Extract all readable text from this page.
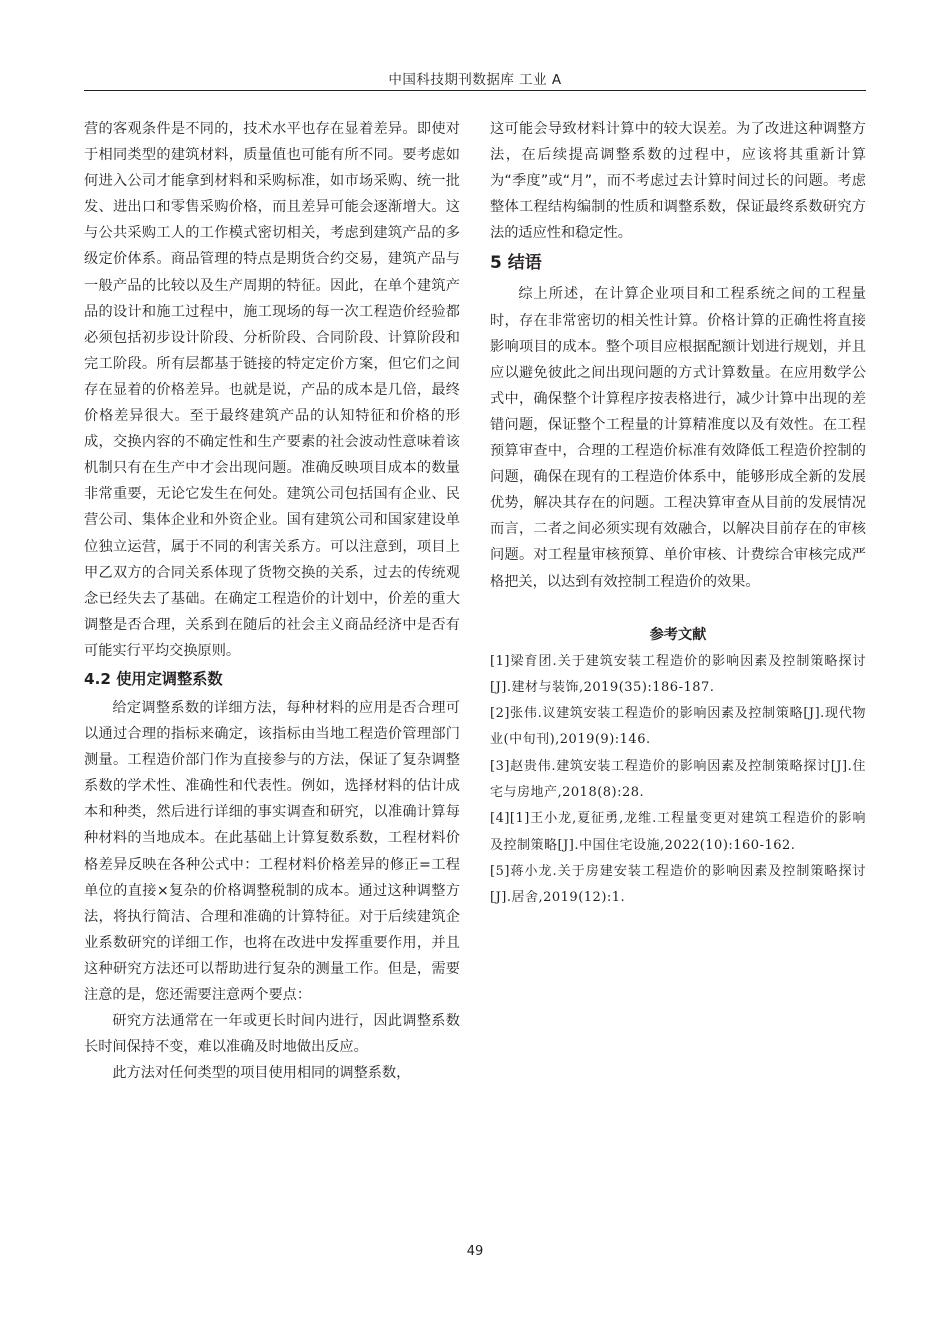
中国科技期刊数据库 工业 A

营的客观条件是不同的，技术水平也存在显着差异。即使对于相同类型的建筑材料，质量值也可能有所不同。要考虑如何进入公司才能拿到材料和采购标准，如市场采购、统一批发、进出口和零售采购价格，而且差异可能会逐渐增大。这与公共采购工人的工作模式密切相关，考虑到建筑产品的多级定价体系。商品管理的特点是期货合约交易，建筑产品与一般产品的比较以及生产周期的特征。因此，在单个建筑产品的设计和施工过程中，施工现场的每一次工程造价经验都必须包括初步设计阶段、分析阶段、合同阶段、计算阶段和完工阶段。所有层都基于链接的特定定价方案，但它们之间存在显着的价格差异。也就是说，产品的成本是几倍，最终价格差异很大。至于最终建筑产品的认知特征和价格的形成，交换内容的不确定性和生产要素的社会波动性意味着该机制只有在生产中才会出现问题。准确反映项目成本的数量非常重要，无论它发生在何处。建筑公司包括国有企业、民营公司、集体企业和外资企业。国有建筑公司和国家建设单位独立运营，属于不同的利害关系方。可以注意到，项目上甲乙双方的合同关系体现了货物交换的关系，过去的传统观念已经失去了基础。在确定工程造价的计划中，价差的重大调整是否合理，关系到在随后的社会主义商品经济中是否有可能实行平均交换原则。

4.2 使用定调整系数

给定调整系数的详细方法，每种材料的应用是否合理可以通过合理的指标来确定，该指标由当地工程造价管理部门测量。工程造价部门作为直接参与的方法，保证了复杂调整系数的学术性、准确性和代表性。例如，选择材料的估计成本和种类，然后进行详细的事实调查和研究，以准确计算每种材料的当地成本。在此基础上计算复数系数，工程材料价格差异反映在各种公式中：工程材料价格差异的修正=工程单位的直接×复杂的价格调整税制的成本。通过这种调整方法，将执行简洁、合理和准确的计算特征。对于后续建筑企业系数研究的详细工作，也将在改进中发挥重要作用，并且这种研究方法还可以帮助进行复杂的测量工作。但是，需要注意的是，您还需要注意两个要点：

研究方法通常在一年或更长时间内进行，因此调整系数长时间保持不变，难以准确及时地做出反应。

此方法对任何类型的项目使用相同的调整系数，

这可能会导致材料计算中的较大误差。为了改进这种调整方法，在后续提高调整系数的过程中，应该将其重新计算为“季度”或“月”，而不考虑过去计算时间过长的问题。考虑整体工程结构编制的性质和调整系数，保证最终系数研究方法的适应性和稳定性。

5 结语

综上所述，在计算企业项目和工程系统之间的工程量时，存在非常密切的相关性计算。价格计算的正确性将直接影响项目的成本。整个项目应根据配额计划进行规划，并且应以避免彼此之间出现问题的方式计算数量。在应用数学公式中，确保整个计算程序按表格进行，减少计算中出现的差错问题，保证整个工程量的计算精准度以及有效性。在工程预算审查中，合理的工程造价标准有效降低工程造价控制的问题，确保在现有的工程造价体系中，能够形成全新的发展优势，解决其存在的问题。工程决算审查从目前的发展情况而言，二者之间必须实现有效融合，以解决目前存在的审核问题。对工程量审核预算、单价审核、计费综合审核完成严格把关，以达到有效控制工程造价的效果。

参考文献

[1]梁育团.关于建筑安装工程造价的影响因素及控制策略探讨[J].建材与装饰,2019(35):186-187.

[2]张伟.议建筑安装工程造价的影响因素及控制策略[J].现代物业(中旬刊),2019(9):146.

[3]赵贵伟.建筑安装工程造价的影响因素及控制策略探讨[J].住宅与房地产,2018(8):28.

[4][1]王小龙,夏征勇,龙维.工程量变更对建筑工程造价的影响及控制策略[J].中国住宅设施,2022(10):160-162.

[5]蒋小龙.关于房建安装工程造价的影响因素及控制策略探讨[J].居舍,2019(12):1.

49
